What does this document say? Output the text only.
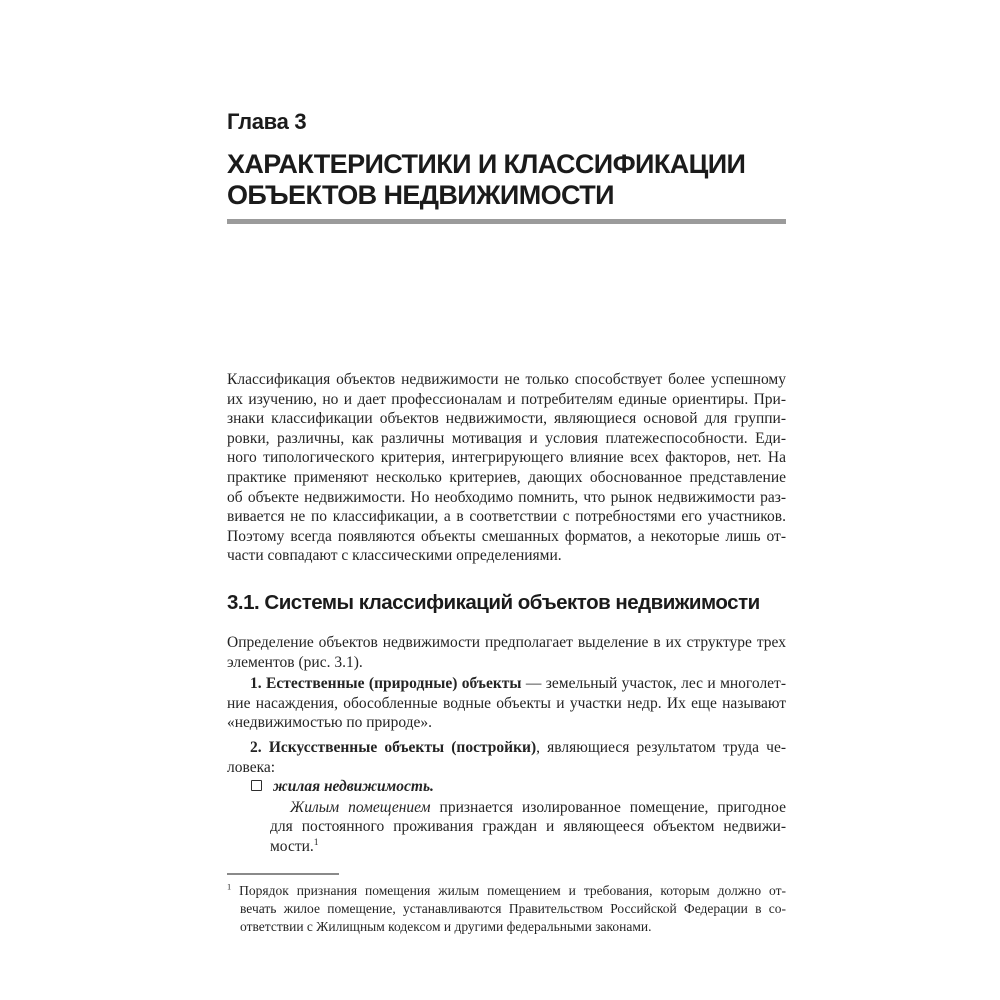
Глава 3
ХАРАКТЕРИСТИКИ И КЛАССИФИКАЦИИ
ОБЪЕКТОВ НЕДВИЖИМОСТИ
Классификация объектов недвижимости не только способствует более успешному
их изучению, но и дает профессионалам и потребителям единые ориентиры. При-
знаки классификации объектов недвижимости, являющиеся основой для группи-
ровки, различны, как различны мотивация и условия платежеспособности. Еди-
ного типологического критерия, интегрирующего влияние всех факторов, нет. На
практике применяют несколько критериев, дающих обоснованное представление
об объекте недвижимости. Но необходимо помнить, что рынок недвижимости раз-
вивается не по классификации, а в соответствии с потребностями его участников.
Поэтому всегда появляются объекты смешанных форматов, а некоторые лишь от-
части совпадают с классическими определениями.
3.1. Системы классификаций объектов недвижимости
Определение объектов недвижимости предполагает выделение в их структуре трех
элементов (рис. 3.1).
1. Естественные (природные) объекты — земельный участок, лес и многолет-
ние насаждения, обособленные водные объекты и участки недр. Их еще называют
«недвижимостью по природе».
2. Искусственные объекты (постройки), являющиеся результатом труда че-
ловека:
жилая недвижимость.
Жилым помещением признается изолированное помещение, пригодное
для постоянного проживания граждан и являющееся объектом недвижи-
мости.$^1$
$^1$ Порядок признания помещения жилым помещением и требования, которым должно от-
вечать жилое помещение, устанавливаются Правительством Российской Федерации в со-
ответствии с Жилищным кодексом и другими федеральными законами.
